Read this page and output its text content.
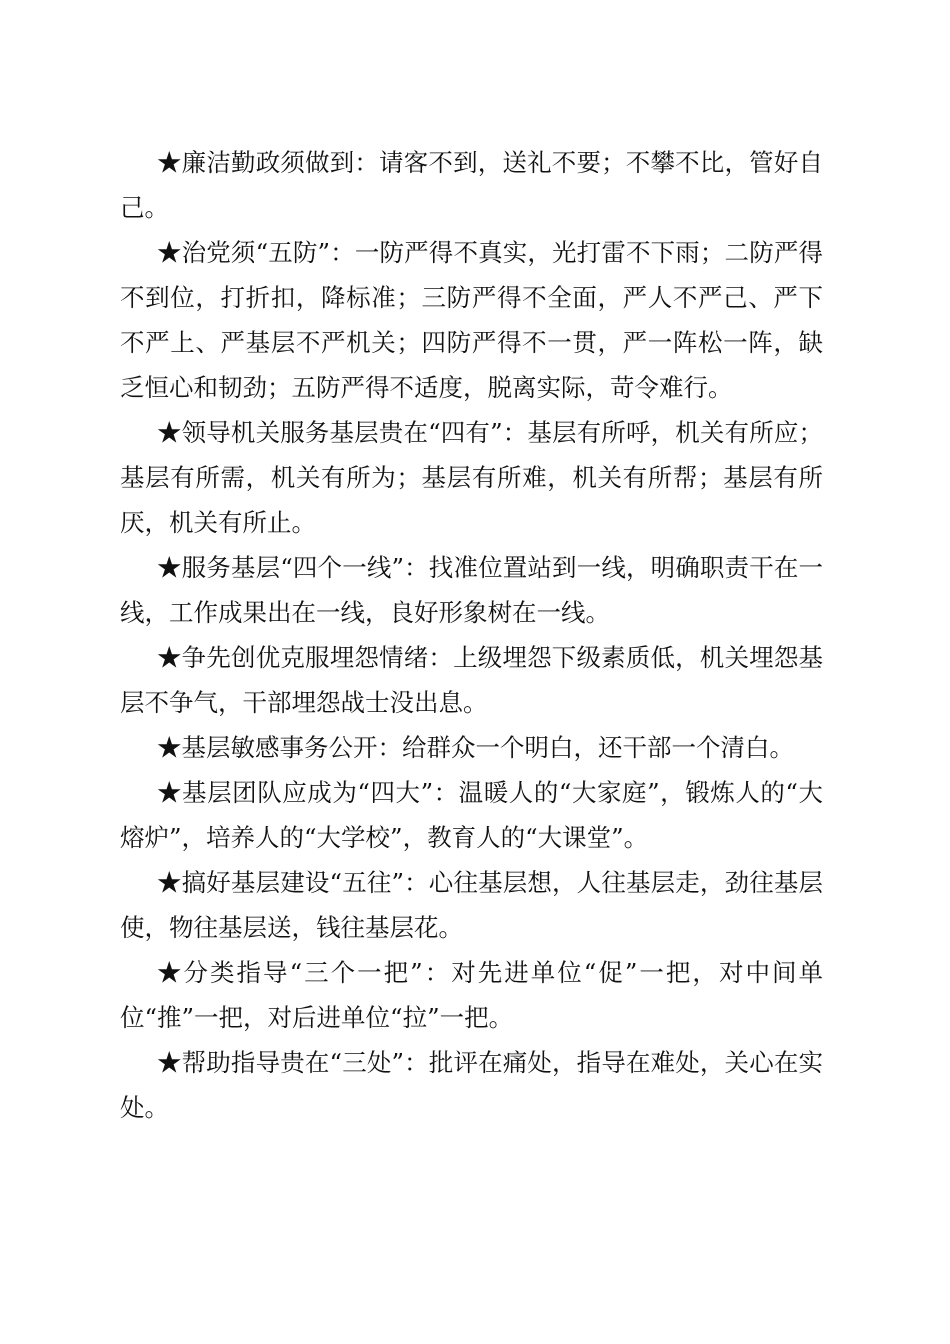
★廉洁勤政须做到：请客不到，送礼不要；不攀不比，管好自己。

★治党须“五防”：一防严得不真实，光打雷不下雨；二防严得不到位，打折扣，降标准；三防严得不全面，严人不严己、严下不严上、严基层不严机关；四防严得不一贯，严一阵松一阵，缺乏恒心和韧劲；五防严得不适度，脱离实际，苛令难行。

★领导机关服务基层贵在“四有”：基层有所呼，机关有所应；基层有所需，机关有所为；基层有所难，机关有所帮；基层有所厌，机关有所止。

★服务基层“四个一线”：找准位置站到一线，明确职责干在一线，工作成果出在一线，良好形象树在一线。

★争先创优克服埋怨情绪：上级埋怨下级素质低，机关埋怨基层不争气，干部埋怨战士没出息。

★基层敏感事务公开：给群众一个明白，还干部一个清白。

★基层团队应成为“四大”：温暖人的“大家庭”，锻炼人的“大熔炉”，培养人的“大学校”，教育人的“大课堂”。

★搞好基层建设“五往”：心往基层想，人往基层走，劲往基层使，物往基层送，钱往基层花。

★分类指导“三个一把”：对先进单位“促”一把，对中间单位“推”一把，对后进单位“拉”一把。

★帮助指导贵在“三处”：批评在痛处，指导在难处，关心在实处。
